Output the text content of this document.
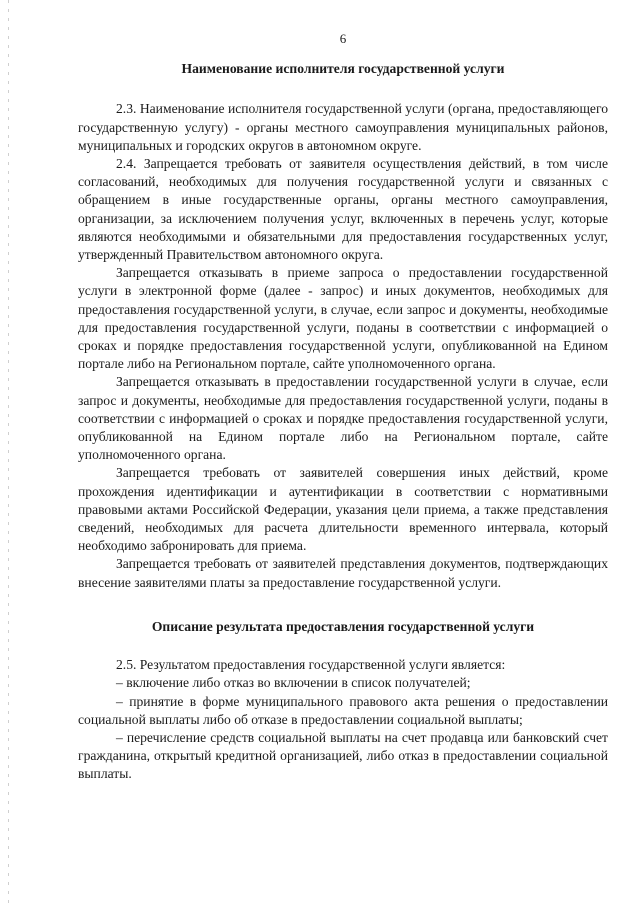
6
Наименование исполнителя государственной услуги

2.3. Наименование исполнителя государственной услуги (органа, предоставляющего государственную услугу) - органы местного самоуправления муниципальных районов, муниципальных и городских округов в автономном округе.

2.4. Запрещается требовать от заявителя осуществления действий, в том числе согласований, необходимых для получения государственной услуги и связанных с обращением в иные государственные органы, органы местного самоуправления, организации, за исключением получения услуг, включенных в перечень услуг, которые являются необходимыми и обязательными для предоставления государственных услуг, утвержденный Правительством автономного округа.

Запрещается отказывать в приеме запроса о предоставлении государственной услуги в электронной форме (далее - запрос) и иных документов, необходимых для предоставления государственной услуги, в случае, если запрос и документы, необходимые для предоставления государственной услуги, поданы в соответствии с информацией о сроках и порядке предоставления государственной услуги, опубликованной на Едином портале либо на Региональном портале, сайте уполномоченного органа.

Запрещается отказывать в предоставлении государственной услуги в случае, если запрос и документы, необходимые для предоставления государственной услуги, поданы в соответствии с информацией о сроках и порядке предоставления государственной услуги, опубликованной на Едином портале либо на Региональном портале, сайте уполномоченного органа.

Запрещается требовать от заявителей совершения иных действий, кроме прохождения идентификации и аутентификации в соответствии с нормативными правовыми актами Российской Федерации, указания цели приема, а также представления сведений, необходимых для расчета длительности временного интервала, который необходимо забронировать для приема.

Запрещается требовать от заявителей представления документов, подтверждающих внесение заявителями платы за предоставление государственной услуги.

Описание результата предоставления государственной услуги

2.5. Результатом предоставления государственной услуги является:

– включение либо отказ во включении в список получателей;

– принятие в форме муниципального правового акта решения о предоставлении социальной выплаты либо об отказе в предоставлении социальной выплаты;

– перечисление средств социальной выплаты на счет продавца или банковский счет гражданина, открытый кредитной организацией, либо отказ в предоставлении социальной выплаты.
